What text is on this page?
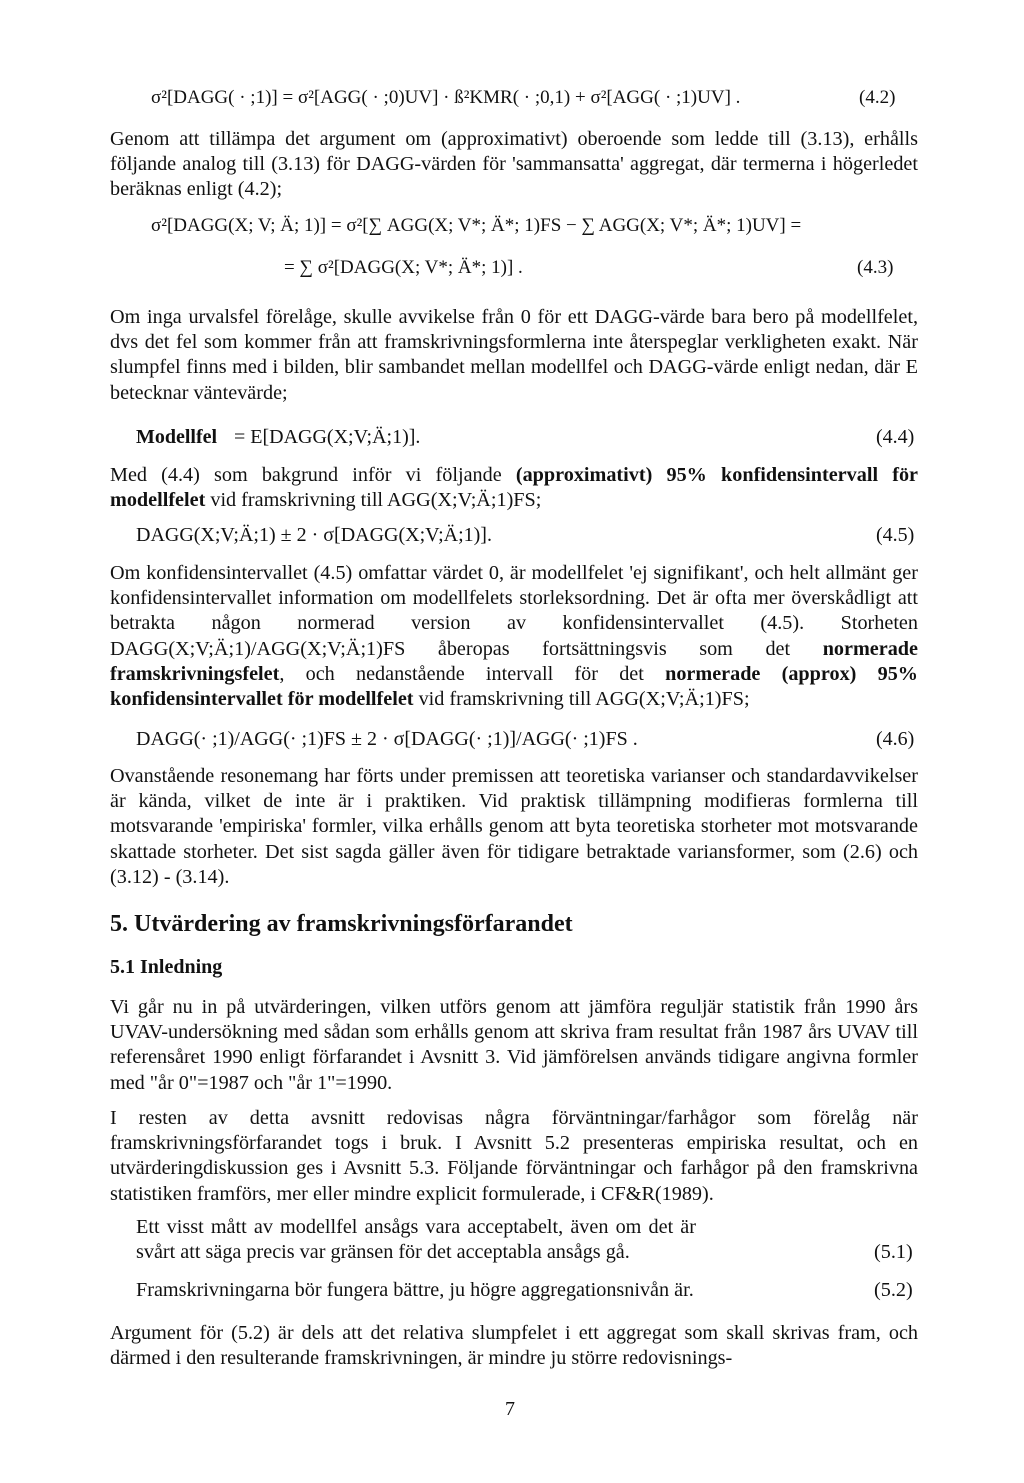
σ²[DAGG( · ;1)] = σ²[AGG( · ;0)UV] · ß²KMR( · ;0,1) + σ²[AGG( · ;1)UV] .	(4.2)
Genom att tillämpa det argument om (approximativt) oberoende som ledde till (3.13), erhålls följande analog till (3.13) för DAGG-värden för 'sammansatta' aggregat, där termerna i högerledet beräknas enligt (4.2);
σ²[DAGG(X; V; Ä; 1)] = σ²[∑ AGG(X; V*; Ä*; 1)FS − ∑ AGG(X; V*; Ä*; 1)UV] =
= ∑ σ²[DAGG(X; V*; Ä*; 1)] .	(4.3)
Om inga urvalsfel förelåge, skulle avvikelse från 0 för ett DAGG-värde bara bero på modellfelet, dvs det fel som kommer från att framskrivningsformlerna inte återspeglar verkligheten exakt. När slumpfel finns med i bilden, blir sambandet mellan modellfel och DAGG-värde enligt nedan, där E betecknar väntevärde;
Modellfel = E[DAGG(X;V;Ä;1)].	(4.4)
Med (4.4) som bakgrund inför vi följande (approximativt) 95% konfidensintervall för modellfelet vid framskrivning till AGG(X;V;Ä;1)FS;
DAGG(X;V;Ä;1) ± 2 · σ[DAGG(X;V;Ä;1)].	(4.5)
Om konfidensintervallet (4.5) omfattar värdet 0, är modellfelet 'ej signifikant', och helt allmänt ger konfidensintervallet information om modellfelets storleksordning. Det är ofta mer överskådligt att betrakta någon normerad version av konfidensintervallet (4.5). Storheten DAGG(X;V;Ä;1)/AGG(X;V;Ä;1)FS åberopas fortsättningsvis som det normerade framskrivningsfelet, och nedanstående intervall för det normerade (approx) 95% konfidensintervallet för modellfelet vid framskrivning till AGG(X;V;Ä;1)FS;
DAGG(· ;1)/AGG(· ;1)FS ± 2 · σ[DAGG(· ;1)]/AGG(· ;1)FS .	(4.6)
Ovanstående resonemang har förts under premissen att teoretiska varianser och standardavvikelser är kända, vilket de inte är i praktiken. Vid praktisk tillämpning modifieras formlerna till motsvarande 'empiriska' formler, vilka erhålls genom att byta teoretiska storheter mot motsvarande skattade storheter. Det sist sagda gäller även för tidigare betraktade variansformer, som (2.6) och (3.12) - (3.14).
5. Utvärdering av framskrivningsförfarandet
5.1 Inledning
Vi går nu in på utvärderingen, vilken utförs genom att jämföra reguljär statistik från 1990 års UVAV-undersökning med sådan som erhålls genom att skriva fram resultat från 1987 års UVAV till referensåret 1990 enligt förfarandet i Avsnitt 3. Vid jämförelsen används tidigare angivna formler med "år 0"=1987 och "år 1"=1990.
I resten av detta avsnitt redovisas några förväntningar/farhågor som förelåg när framskrivningsförfarandet togs i bruk. I Avsnitt 5.2 presenteras empiriska resultat, och en utvärderingdiskussion ges i Avsnitt 5.3. Följande förväntningar och farhågor på den framskrivna statistiken framförs, mer eller mindre explicit formulerade, i CF&R(1989).
Ett visst mått av modellfel ansågs vara acceptabelt, även om det är svårt att säga precis var gränsen för det acceptabla ansågs gå.	(5.1)
Framskrivningarna bör fungera bättre, ju högre aggregationsnivån är.	(5.2)
Argument för (5.2) är dels att det relativa slumpfelet i ett aggregat som skall skrivas fram, och därmed i den resulterande framskrivningen, är mindre ju större redovisnings-
7
